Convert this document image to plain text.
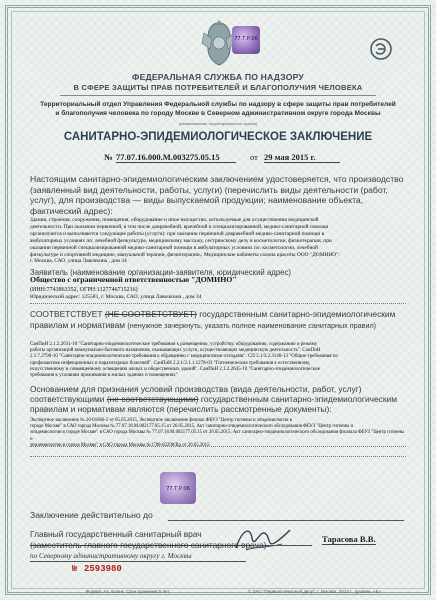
77.Т.Р.06
ФЕДЕРАЛЬНАЯ СЛУЖБА ПО НАДЗОРУ
В СФЕРЕ ЗАЩИТЫ ПРАВ ПОТРЕБИТЕЛЕЙ И БЛАГОПОЛУЧИЯ ЧЕЛОВЕКА
Территориальный отдел Управления Федеральной службы по надзору в сфере защиты прав потребителей
и благополучия человека по городу Москве в Северном административном округе города Москвы
(наименование территориального органа)
САНИТАРНО-ЭПИДЕМИОЛОГИЧЕСКОЕ ЗАКЛЮЧЕНИЕ
№ 77.07.16.000.М.003275.05.15	от 29 мая 2015 г.
Настоящим санитарно-эпидемиологическим заключением удостоверяется, что производство (заявленный вид деятельности, работы, услуги) (перечислить виды деятельности (работ, услуг), для производства — виды выпускаемой продукции; наименование объекта, фактический адрес):
Здания, строения, сооружения, помещения, оборудование и иное имущество, используемые для осуществления медицинской
деятельности. При оказании первичной, в том числе доврачебной, врачебной и специализированной, медико-санитарной помощи
организуются и выполняются следующие работы (услуги): при оказании первичной доврачебной медико-санитарной помощи в
амбулаторных условиях по: лечебной физкультуре, медицинскому массажу, сестринскому делу в косметологии, физиотерапии, при
оказании первичной специализированной медико-санитарной помощи в амбулаторных условиях по: косметологии, лечебной
физкультуре и спортивной медицине, мануальной терапии, физиотерапии.; Медицинские кабинеты салона красоты ООО "ДОМИНО":
г. Москва, САО, улица Лавочкина , дом 34
Заявитель (наименование организации-заявителя, юридический адрес)
Общество с ограниченной ответственностью "ДОМИНО"
(ИНН:7743863352, ОГРН:1127746715216)
Юридический адрес: 125581, г. Москва, САО, улица Лавочкина , дом 34
СООТВЕТСТВУЕТ (НЕ СООТВЕТСТВУЕТ) государственным санитарно-эпидемиологическим правилам и нормативам (ненужное зачеркнуть, указать полное наименование санитарных правил)
СанПиН 2.1.2.2631-10 "Санитарно-эпидемиологические требования к размещению, устройству, оборудованию, содержанию и режиму
работы организаций коммунально-бытового назначения, оказывающих услуги, осуществляющих медицинскую деятельность". СанПиН
2.1.7.2790-10 "Санитарно-эпидемиологические требования к обращению с медицинскими отходами". СП 3.1/3.2.3146-13 "Общие требования по
профилактике инфекционных и паразитарных болезней". СанПиН 2.2.1/2.1.1.1278-03 "Гигиенические требования к естественному,
искусственному и совмещенному освещению жилых и общественных зданий". СанПиН 2.1.2.2645-10 "Санитарно-эпидемиологические
требования к условиям проживания в жилых зданиях и помещениях"
Основанием для признания условий производства (вида деятельности, работ, услуг) соответствующими (не соответствующими) государственным санитарно-эпидемиологическим правилам и нормативам являются (перечислить рассмотренные документы):
Экспертное заключение № 26-01666-2 от 05.05.2015, Экспертное заключение филиал ФБУЗ "Центр гигиены и эпидемиологии в
городе Москве" в САО города Москвы № 77.07.18.М.002177.05.15 от 26.05.2015, Акт санитарно-эпидемиологического обследования ФБУЗ "Центр гигиены и
эпидемиологии в городе Москве" в САО города Москвы № 77.07.18.М.002177.05.15 от 26.05.2015, Акт санитарно-эпидемиологического обследования филиала ФБУЗ "Центр гигиены и
эпидемиологии в городе Москве" в САО города Москвы №1708-02298/Вд от 26.05.2015
77.Т.Р.06
Заключение действительно до
Главный государственный санитарный врач
(заместитель главного государственного санитарного врача)
по Северному административному округу г. Москвы
Тарасова В.В.
№ 2593980
Формат А4. Бланк. Срок хранения 5 лет.	© ЗАО "Первый печатный двор", г. Москва, 2014 г., уровень «Б»
